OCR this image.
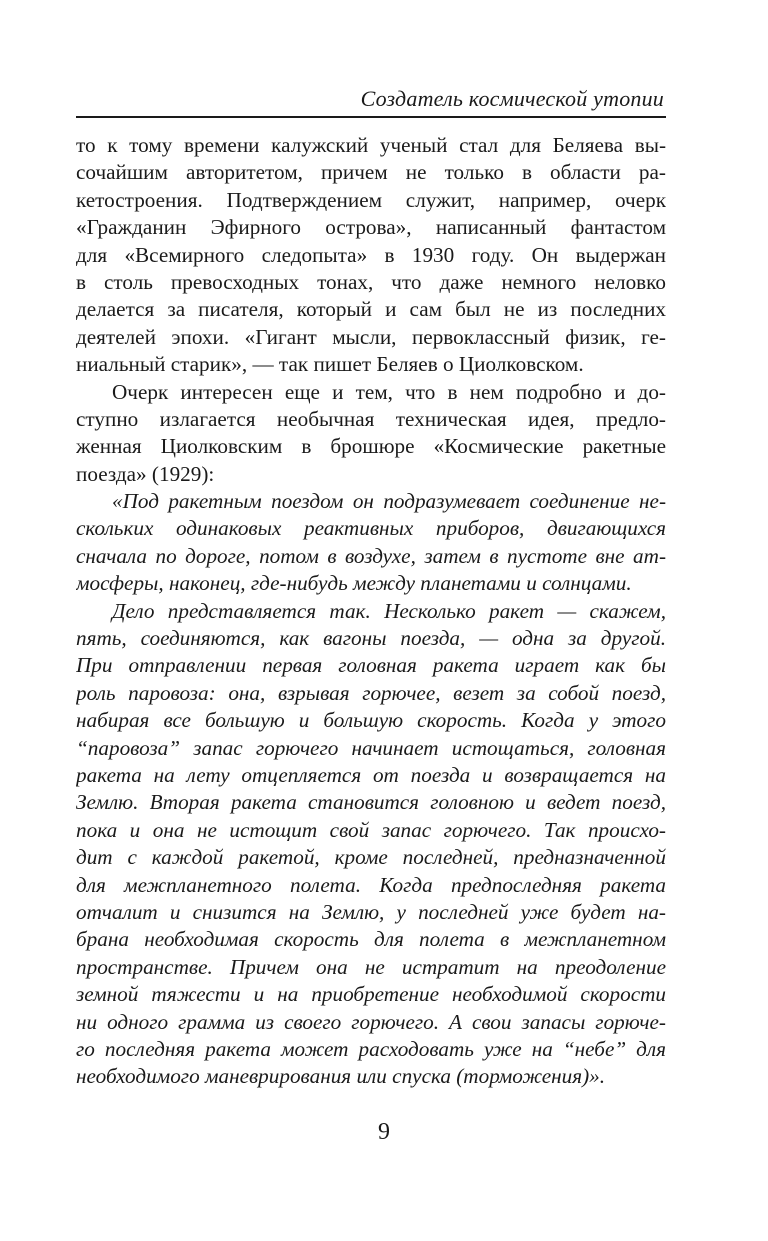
Создатель космической утопии
то к тому времени калужский ученый стал для Беляева вы-
сочайшим авторитетом, причем не только в области ра-
кетостроения. Подтверждением служит, например, очерк
«Гражданин Эфирного острова», написанный фантастом
для «Всемирного следопыта» в 1930 году. Он выдержан
в столь превосходных тонах, что даже немного неловко
делается за писателя, который и сам был не из последних
деятелей эпохи. «Гигант мысли, первоклассный физик, ге-
ниальный старик», — так пишет Беляев о Циолковском.
Очерк интересен еще и тем, что в нем подробно и до-
ступно излагается необычная техническая идея, предло-
женная Циолковским в брошюре «Космические ракетные
поезда» (1929):
«Под ракетным поездом он подразумевает соединение не-
скольких одинаковых реактивных приборов, двигающихся
сначала по дороге, потом в воздухе, затем в пустоте вне ат-
мосферы, наконец, где-нибудь между планетами и солнцами.
Дело представляется так. Несколько ракет — скажем,
пять, соединяются, как вагоны поезда, — одна за другой.
При отправлении первая головная ракета играет как бы
роль паровоза: она, взрывая горючее, везет за собой поезд,
набирая все большую и большую скорость. Когда у этого
“паровоза” запас горючего начинает истощаться, головная
ракета на лету отцепляется от поезда и возвращается на
Землю. Вторая ракета становится головною и ведет поезд,
пока и она не истощит свой запас горючего. Так происхо-
дит с каждой ракетой, кроме последней, предназначенной
для межпланетного полета. Когда предпоследняя ракета
отчалит и снизится на Землю, у последней уже будет на-
брана необходимая скорость для полета в межпланетном
пространстве. Причем она не истратит на преодоление
земной тяжести и на приобретение необходимой скорости
ни одного грамма из своего горючего. А свои запасы горюче-
го последняя ракета может расходовать уже на “небе” для
необходимого маневрирования или спуска (торможения)».
9
